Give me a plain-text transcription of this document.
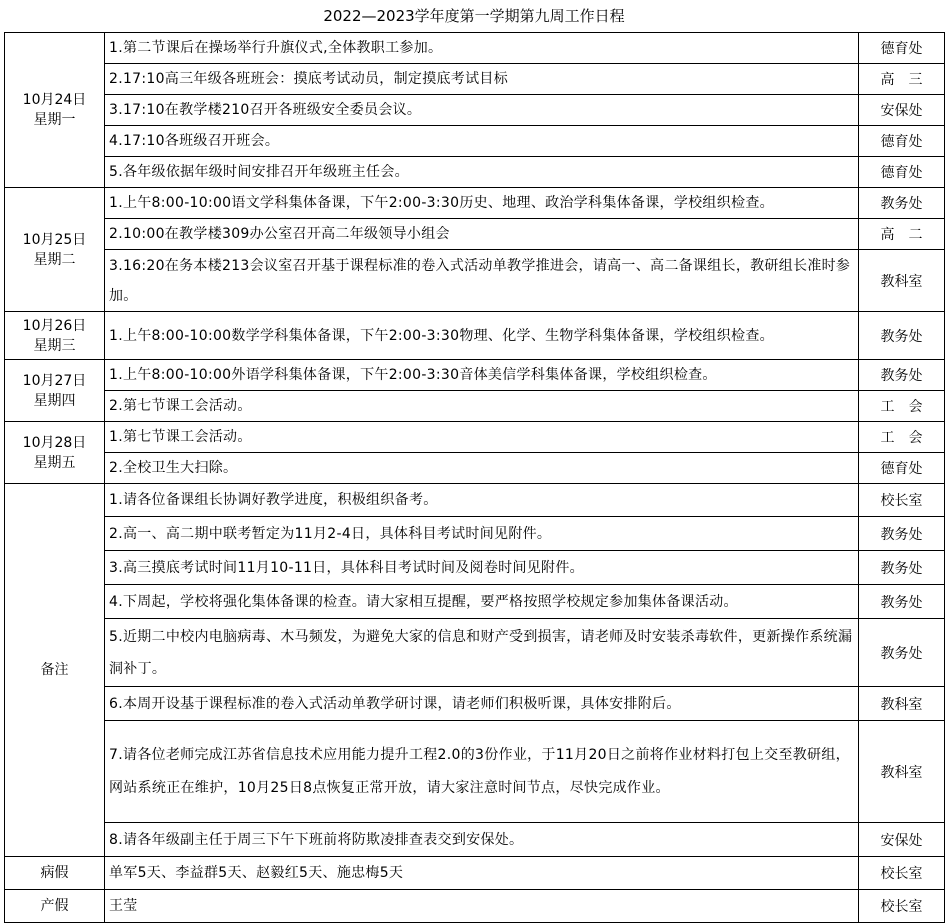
2022—2023学年度第一学期第九周工作日程
10月24日
星期一	1.第二节课后在操场举行升旗仪式,全体教职工参加。	德育处
	2.17:10高三年级各班班会：摸底考试动员，制定摸底考试目标	高　三
	3.17:10在教学楼210召开各班级安全委员会议。	安保处
	4.17:10各班级召开班会。	德育处
	5.各年级依据年级时间安排召开年级班主任会。	德育处
10月25日
星期二	1.上午8:00-10:00语文学科集体备课，下午2:00-3:30历史、地理、政治学科集体备课，学校组织检查。	教务处
	2.10:00在教学楼309办公室召开高二年级领导小组会	高　二
	3.16:20在务本楼213会议室召开基于课程标准的卷入式活动单教学推进会，请高一、高二备课组长，教研组长准时参加。	教科室
10月26日
星期三	1.上午8:00-10:00数学学科集体备课，下午2:00-3:30物理、化学、生物学科集体备课，学校组织检查。	教务处
10月27日
星期四	1.上午8:00-10:00外语学科集体备课，下午2:00-3:30音体美信学科集体备课，学校组织检查。	教务处
	2.第七节课工会活动。	工　会
10月28日
星期五	1.第七节课工会活动。	工　会
	2.全校卫生大扫除。	德育处
备注	1.请各位备课组长协调好教学进度，积极组织备考。	校长室
	2.高一、高二期中联考暂定为11月2-4日，具体科目考试时间见附件。	教务处
	3.高三摸底考试时间11月10-11日，具体科目考试时间及阅卷时间见附件。	教务处
	4.下周起，学校将强化集体备课的检查。请大家相互提醒，要严格按照学校规定参加集体备课活动。	教务处
	5.近期二中校内电脑病毒、木马频发，为避免大家的信息和财产受到损害，请老师及时安装杀毒软件，更新操作系统漏洞补丁。	教务处
	6.本周开设基于课程标准的卷入式活动单教学研讨课，请老师们积极听课，具体安排附后。	教科室
	7.请各位老师完成江苏省信息技术应用能力提升工程2.0的3份作业，于11月20日之前将作业材料打包上交至教研组，网站系统正在维护，10月25日8点恢复正常开放，请大家注意时间节点，尽快完成作业。	教科室
	8.请各年级副主任于周三下午下班前将防欺凌排查表交到安保处。	安保处
病假	单军5天、李益群5天、赵毅红5天、施忠梅5天	校长室
产假	王莹	校长室
